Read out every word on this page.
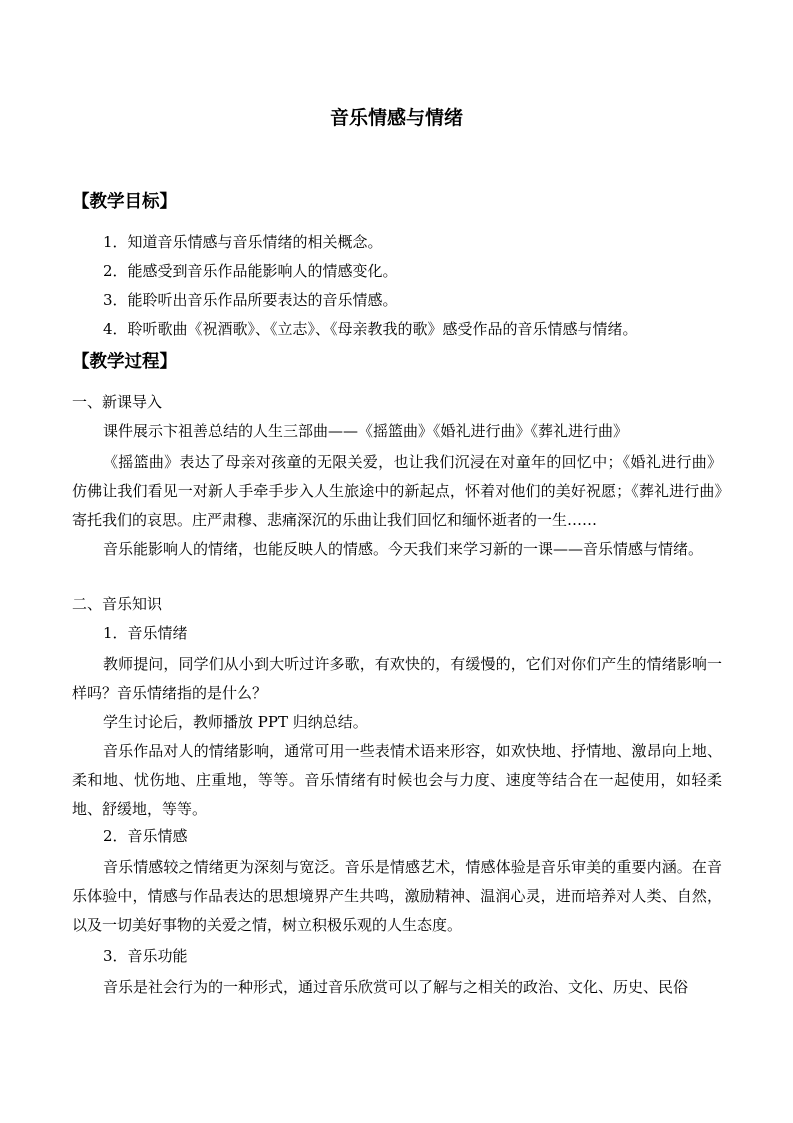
音乐情感与情绪
【教学目标】
1．知道音乐情感与音乐情绪的相关概念。
2．能感受到音乐作品能影响人的情感变化。
3．能聆听出音乐作品所要表达的音乐情感。
4．聆听歌曲《祝酒歌》、《立志》、《母亲教我的歌》感受作品的音乐情感与情绪。
【教学过程】
一、新课导入
课件展示卞祖善总结的人生三部曲——《摇篮曲》《婚礼进行曲》《葬礼进行曲》

《摇篮曲》表达了母亲对孩童的无限关爱，也让我们沉浸在对童年的回忆中；《婚礼进行曲》仿佛让我们看见一对新人手牵手步入人生旅途中的新起点，怀着对他们的美好祝愿；《葬礼进行曲》寄托我们的哀思。庄严肃穆、悲痛深沉的乐曲让我们回忆和缅怀逝者的一生……

音乐能影响人的情绪，也能反映人的情感。今天我们来学习新的一课——音乐情感与情绪。

二、音乐知识
1．音乐情绪

教师提问，同学们从小到大听过许多歌，有欢快的，有缓慢的，它们对你们产生的情绪影响一样吗？音乐情绪指的是什么？

学生讨论后，教师播放 PPT 归纳总结。

音乐作品对人的情绪影响，通常可用一些表情术语来形容，如欢快地、抒情地、激昂向上地、柔和地、忧伤地、庄重地，等等。音乐情绪有时候也会与力度、速度等结合在一起使用，如轻柔地、舒缓地，等等。

2．音乐情感

音乐情感较之情绪更为深刻与宽泛。音乐是情感艺术，情感体验是音乐审美的重要内涵。在音乐体验中，情感与作品表达的思想境界产生共鸣，激励精神、温润心灵，进而培养对人类、自然，以及一切美好事物的关爱之情，树立积极乐观的人生态度。

3．音乐功能

音乐是社会行为的一种形式，通过音乐欣赏可以了解与之相关的政治、文化、历史、民俗
